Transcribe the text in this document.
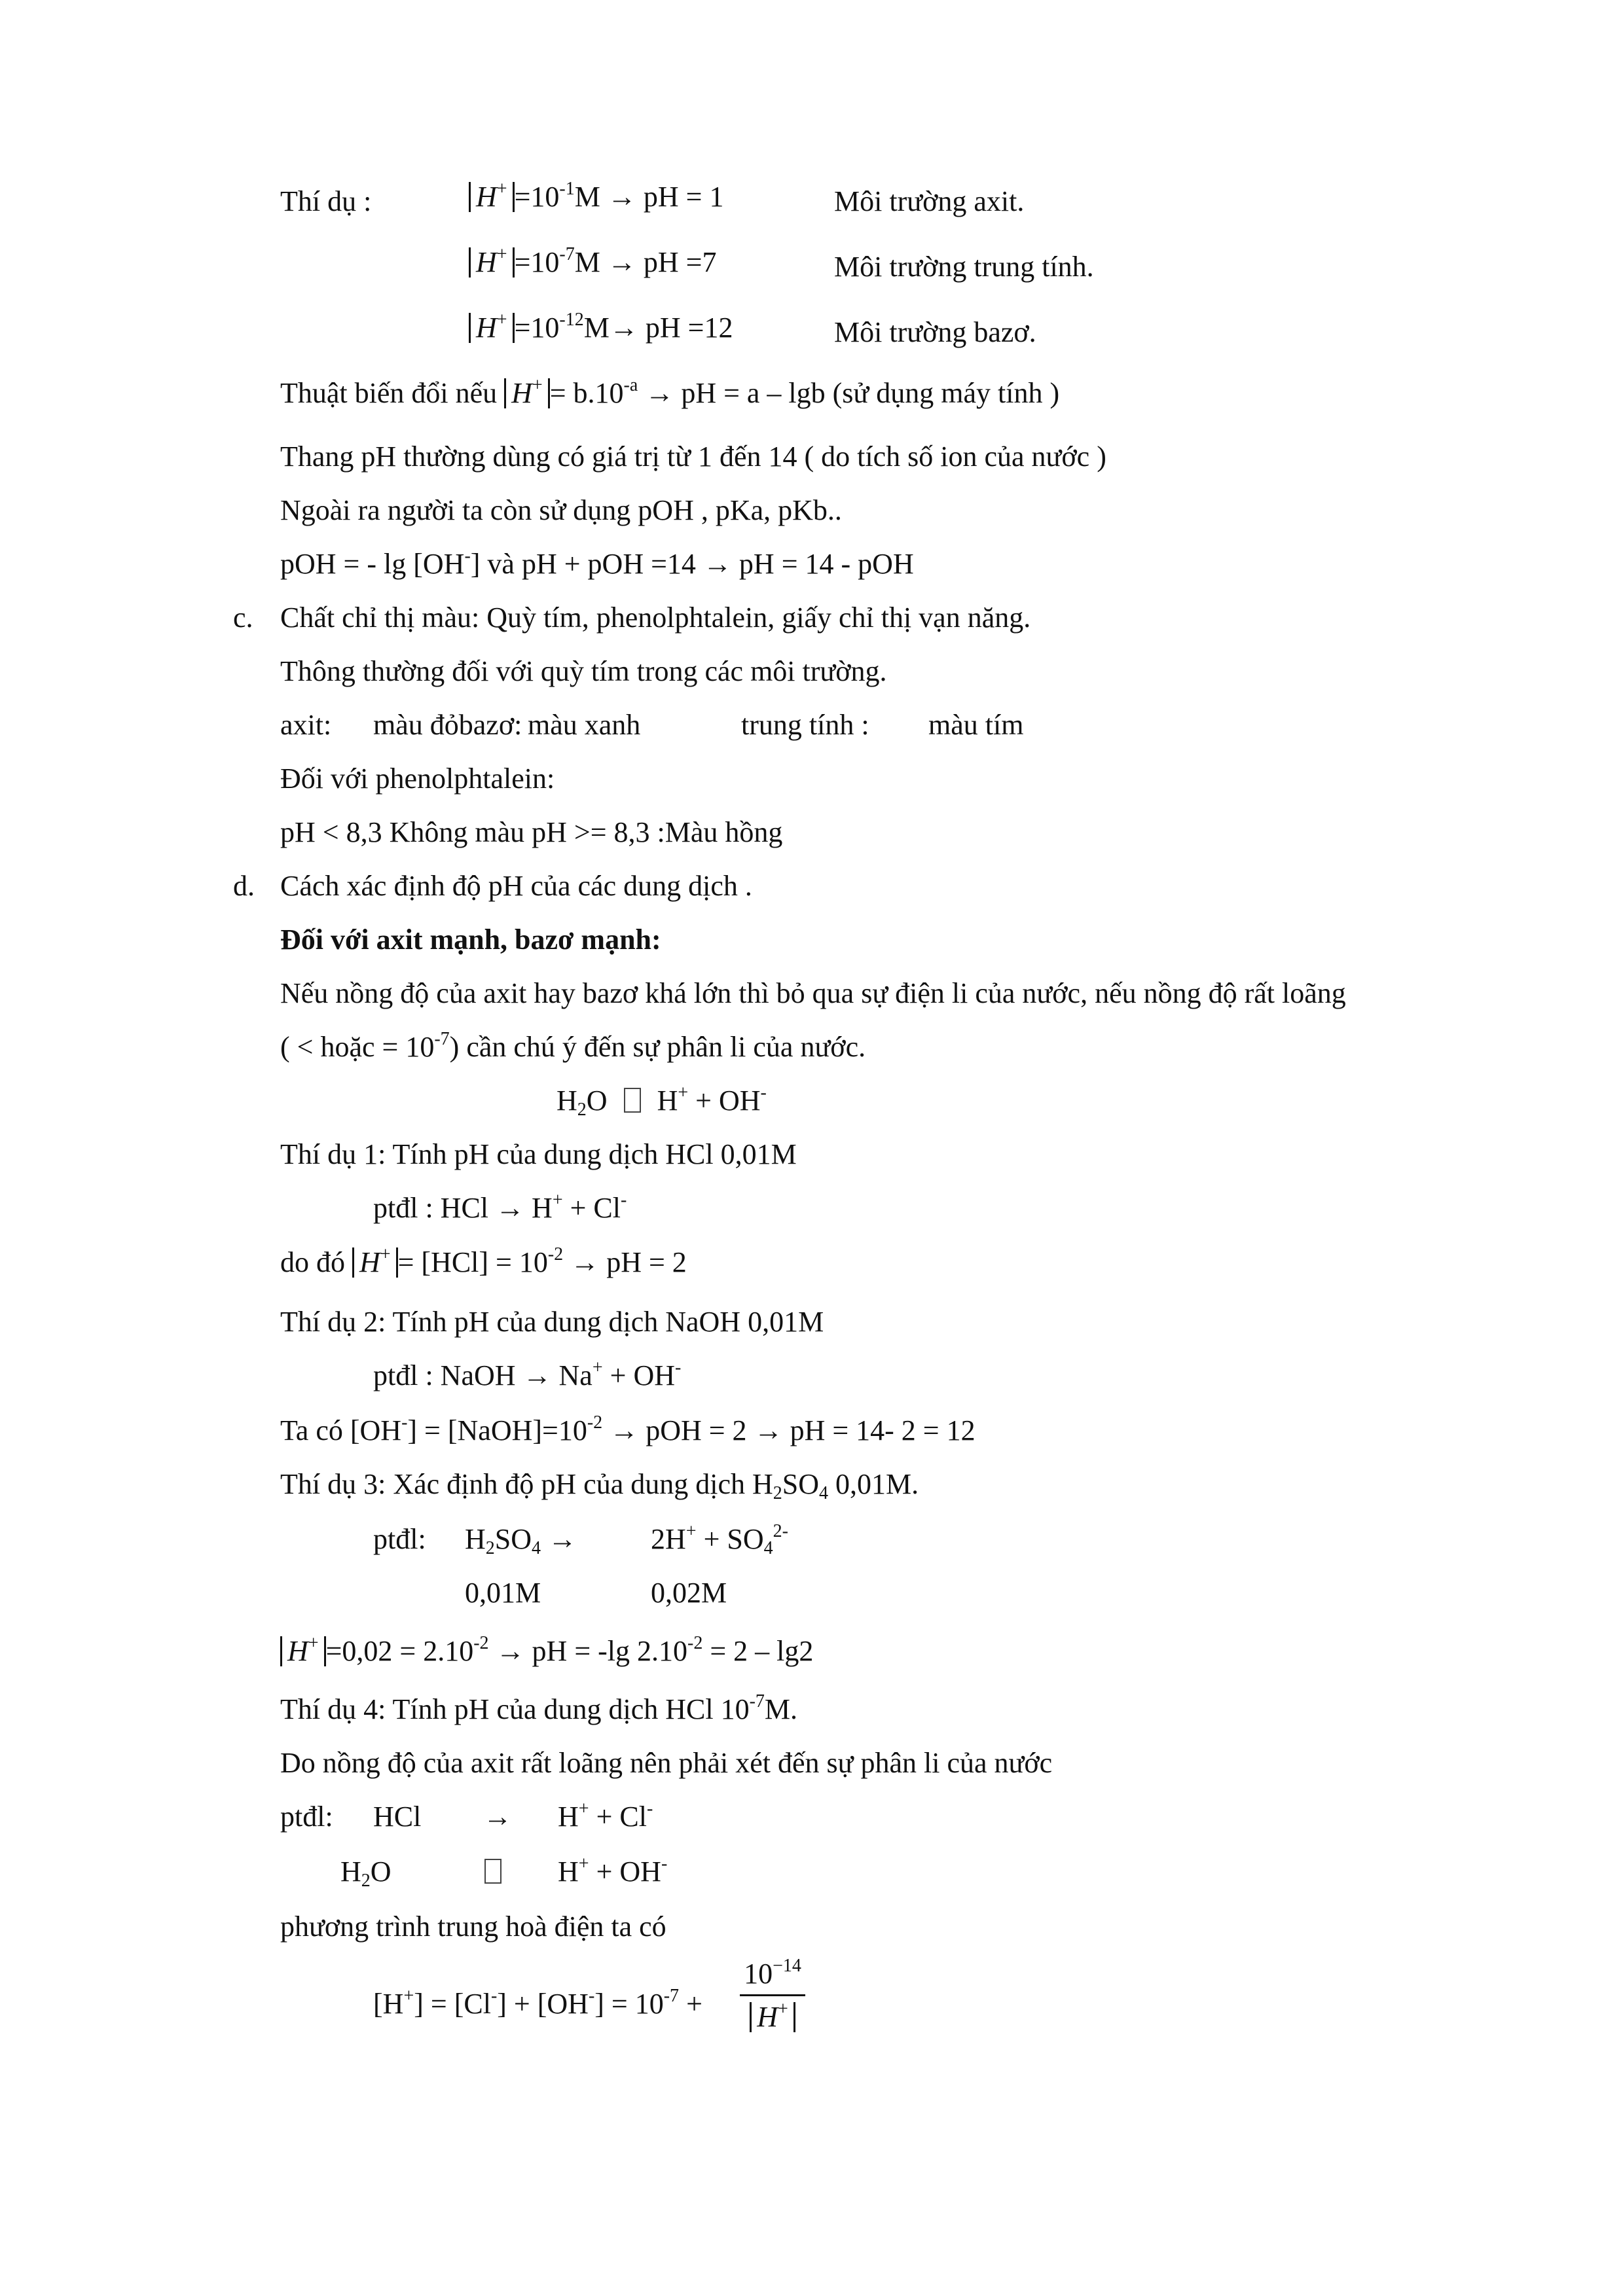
Thí dụ :	$H^+ =10^{-1}M$ → pH = 1	Môi trường axit.
$H^+ =10^{-7}M$ → pH =7	Môi trường trung tính.
$H^+ =10^{-12}M\to$ pH =12	Môi trường bazơ.
Thuật biến đổi nếu $H^+ = b.10^{-a}$ → pH = a – lgb (sử dụng máy tính )
Thang pH thường dùng có giá trị từ 1 đến 14 ( do tích số ion của nước )
Ngoài ra người ta còn sử dụng pOH , pKa, pKb..
pOH = - lg [OH-] và pH + pOH =14 → pH = 14 - pOH
c. Chất chỉ thị màu: Quỳ tím, phenolphtalein, giấy chỉ thị vạn năng.
Thông thường đối với quỳ tím trong các môi trường.
axit: màu đỏbazơ: màu xanh	trung tính : màu tím
Đối với phenolphtalein:
pH < 8,3 Không màu pH >= 8,3 :Màu hồng
d. Cách xác định độ pH của các dung dịch .
Đối với axit mạnh, bazơ mạnh:
Nếu nồng độ của axit hay bazơ khá lớn thì bỏ qua sự điện li của nước, nếu nồng độ rất loãng
( < hoặc = $10^{-7}$) cần chú ý đến sự phân li của nước.
$H_2O$  H+ + OH-
Thí dụ 1: Tính pH của dung dịch HCl 0,01M
ptđl : HCl → H+ + Cl-
do đó $H^+ = [HCl] = 10^{-2}$ → pH = 2
Thí dụ 2: Tính pH của dung dịch NaOH 0,01M
ptđl : NaOH → Na+ + OH-
Ta có $[OH^-] = [NaOH]=10^{-2}$ → pOH = 2 → pH = 14- 2 = 12
Thí dụ 3: Xác định độ pH của dung dịch $H_2SO_4$ 0,01M.
ptđl: $H_2SO_4$ →	$2H^+ + SO_4^{2-}$
0,01M	0,02M
$H^+ =0,02 = 2.10^{-2}$ → pH = -lg $2.10^{-2} = 2 - \lg 2$
Thí dụ 4: Tính pH của dung dịch HCl $10^{-7}M$.
Do nồng độ của axit rất loãng nên phải xét đến sự phân li của nước
ptđl: HCl → H+ + Cl-
$H_2O$	H+ + OH-
phương trình trung hoà điện ta có
$[H^+] = [Cl^-] + [OH^-] = 10^{-7}$ +
$10^{-14}$
H+
